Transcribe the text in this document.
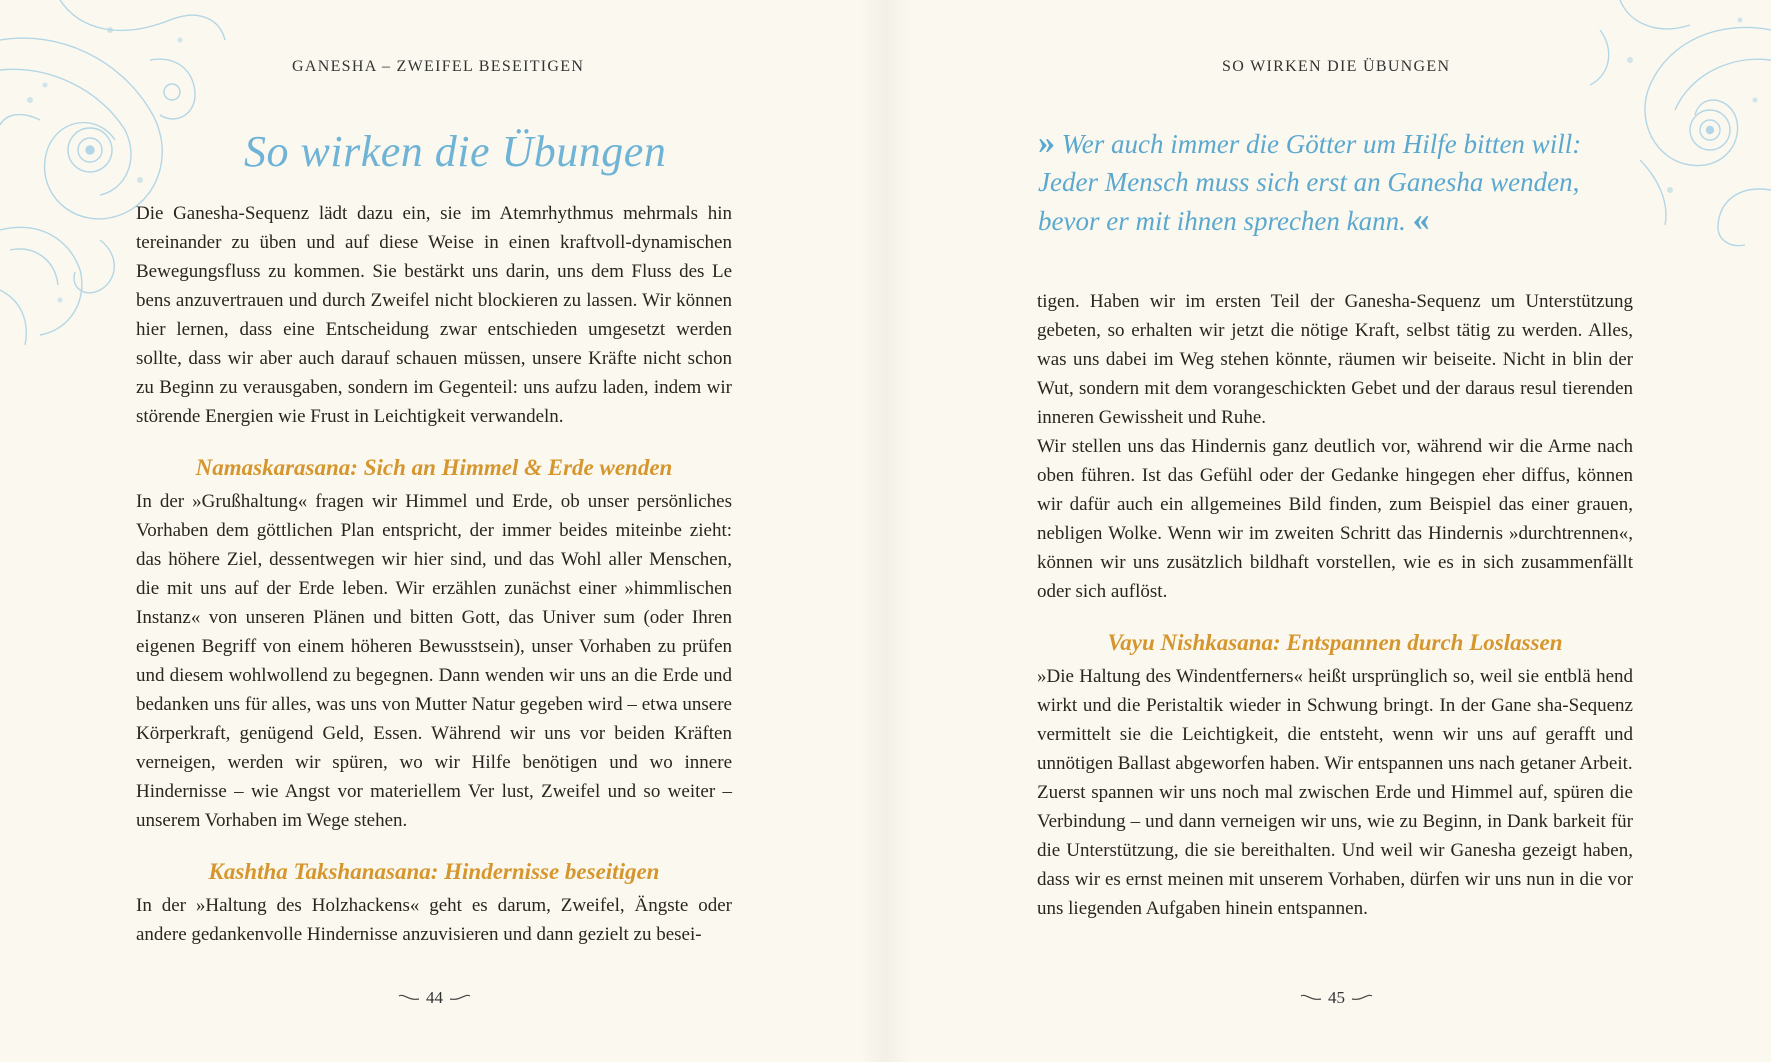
GANESHA – ZWEIFEL BESEITIGEN
So wirken die Übungen

Die Ganesha-Sequenz lädt dazu ein, sie im Atemrhythmus mehrmals hin tereinander zu üben und auf diese Weise in einen kraftvoll-dynamischen Bewegungsfluss zu kommen. Sie bestärkt uns darin, uns dem Fluss des Le bens anzuvertrauen und durch Zweifel nicht blockieren zu lassen. Wir können hier lernen, dass eine Entscheidung zwar entschieden umgesetzt werden sollte, dass wir aber auch darauf schauen müssen, unsere Kräfte nicht schon zu Beginn zu verausgaben, sondern im Gegenteil: uns aufzu laden, indem wir störende Energien wie Frust in Leichtigkeit verwandeln.

Namaskarasana: Sich an Himmel & Erde wenden

In der »Grußhaltung« fragen wir Himmel und Erde, ob unser persönliches Vorhaben dem göttlichen Plan entspricht, der immer beides miteinbe zieht: das höhere Ziel, dessentwegen wir hier sind, und das Wohl aller Menschen, die mit uns auf der Erde leben. Wir erzählen zunächst einer »himmlischen Instanz« von unseren Plänen und bitten Gott, das Univer sum (oder Ihren eigenen Begriff von einem höheren Bewusstsein), unser Vorhaben zu prüfen und diesem wohlwollend zu begegnen. Dann wenden wir uns an die Erde und bedanken uns für alles, was uns von Mutter Natur gegeben wird – etwa unsere Körperkraft, genügend Geld, Essen. Während wir uns vor beiden Kräften verneigen, werden wir spüren, wo wir Hilfe benötigen und wo innere Hindernisse – wie Angst vor materiellem Ver lust, Zweifel und so weiter – unserem Vorhaben im Wege stehen.

Kashtha Takshanasana: Hindernisse beseitigen

In der »Haltung des Holzhackens« geht es darum, Zweifel, Ängste oder andere gedankenvolle Hindernisse anzuvisieren und dann gezielt zu besei-

44
SO WIRKEN DIE ÜBUNGEN
» Wer auch immer die Götter um Hilfe bitten will: Jeder Mensch muss sich erst an Ganesha wenden, bevor er mit ihnen sprechen kann. «

tigen. Haben wir im ersten Teil der Ganesha-Sequenz um Unterstützung gebeten, so erhalten wir jetzt die nötige Kraft, selbst tätig zu werden. Alles, was uns dabei im Weg stehen könnte, räumen wir beiseite. Nicht in blin der Wut, sondern mit dem vorangeschickten Gebet und der daraus resul tierenden inneren Gewissheit und Ruhe.

Wir stellen uns das Hindernis ganz deutlich vor, während wir die Arme nach oben führen. Ist das Gefühl oder der Gedanke hingegen eher diffus, können wir dafür auch ein allgemeines Bild finden, zum Beispiel das einer grauen, nebligen Wolke. Wenn wir im zweiten Schritt das Hindernis »durchtrennen«, können wir uns zusätzlich bildhaft vorstellen, wie es in sich zusammenfällt oder sich auflöst.

Vayu Nishkasana: Entspannen durch Loslassen

»Die Haltung des Windentferners« heißt ursprünglich so, weil sie entblä hend wirkt und die Peristaltik wieder in Schwung bringt. In der Gane sha-Sequenz vermittelt sie die Leichtigkeit, die entsteht, wenn wir uns auf gerafft und unnötigen Ballast abgeworfen haben. Wir entspannen uns nach getaner Arbeit.

Zuerst spannen wir uns noch mal zwischen Erde und Himmel auf, spüren die Verbindung – und dann verneigen wir uns, wie zu Beginn, in Dank barkeit für die Unterstützung, die sie bereithalten. Und weil wir Ganesha gezeigt haben, dass wir es ernst meinen mit unserem Vorhaben, dürfen wir uns nun in die vor uns liegenden Aufgaben hinein entspannen.

45
